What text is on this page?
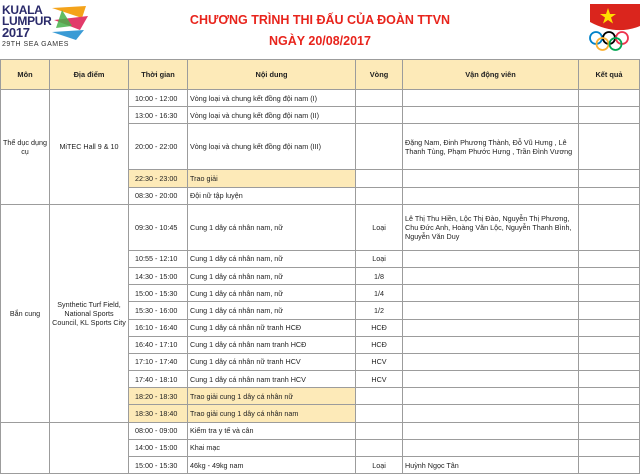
KUALA
LUMPUR
2017
29TH SEA GAMES
CHƯƠNG TRÌNH THI ĐẤU CỦA ĐOÀN TTVN
NGÀY 20/08/2017
Môn	Địa điểm	Thời gian	Nội dung	Vòng	Vận động viên	Kết quả
Thể dục dụng cụ	MiTEC Hall 9 & 10	10:00 - 12:00	Vòng loại và chung kết đồng đội nam (I)			
		13:00 - 16:30	Vòng loại và chung kết đồng đội nam (II)			
		20:00 - 22:00	Vòng loại và chung kết đồng đội nam (III)		Đặng Nam, Đinh Phương Thành, Đỗ Vũ Hưng , Lê Thanh Tùng, Phạm Phước Hưng , Trần Đình Vương	
		22:30 - 23:00	Trao giải			
		08:30 - 20:00	Đội nữ tập luyện			
Bắn cung	Synthetic Turf Field, National Sports Council, KL Sports City	09:30 - 10:45	Cung 1 dây cá nhân nam, nữ	Loại	Lê Thị Thu Hiền, Lộc Thị Đào, Nguyễn Thị Phương, Chu Đức Anh, Hoàng Văn Lộc, Nguyễn Thanh Bình, Nguyễn Văn Duy	
		10:55 - 12:10	Cung 1 dây cá nhân nam, nữ	Loại		
		14:30 - 15:00	Cung 1 dây cá nhân nam, nữ	1/8		
		15:00 - 15:30	Cung 1 dây cá nhân nam, nữ	1/4		
		15:30 - 16:00	Cung 1 dây cá nhân nam, nữ	1/2		
		16:10 - 16:40	Cung 1 dây cá nhân nữ tranh HCĐ	HCĐ		
		16:40 - 17:10	Cung 1 dây cá nhân nam tranh HCĐ	HCĐ		
		17:10 - 17:40	Cung 1 dây cá nhân nữ tranh HCV	HCV		
		17:40 - 18:10	Cung 1 dây cá nhân nam tranh HCV	HCV		
		18:20 - 18:30	Trao giải cung 1 dây cá nhân nữ			
		18:30 - 18:40	Trao giải cung 1 dây cá nhân nam			
		08:00 - 09:00	Kiểm tra y tế và cân			
		14:00 - 15:00	Khai mạc			
		15:00 - 15:30	46kg - 49kg nam	Loại	Huỳnh Ngọc Tân	
